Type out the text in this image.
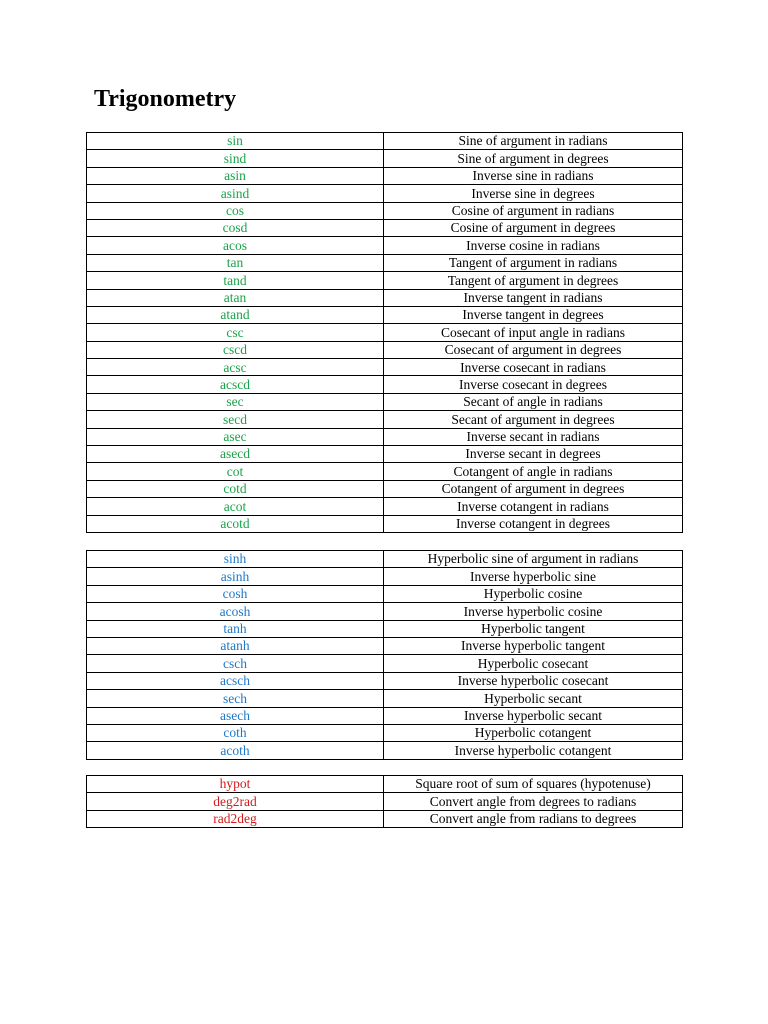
Trigonometry
sin	Sine of argument in radians
sind	Sine of argument in degrees
asin	Inverse sine in radians
asind	Inverse sine in degrees
cos	Cosine of argument in radians
cosd	Cosine of argument in degrees
acos	Inverse cosine in radians
tan	Tangent of argument in radians
tand	Tangent of argument in degrees
atan	Inverse tangent in radians
atand	Inverse tangent in degrees
csc	Cosecant of input angle in radians
cscd	Cosecant of argument in degrees
acsc	Inverse cosecant in radians
acscd	Inverse cosecant in degrees
sec	Secant of angle in radians
secd	Secant of argument in degrees
asec	Inverse secant in radians
asecd	Inverse secant in degrees
cot	Cotangent of angle in radians
cotd	Cotangent of argument in degrees
acot	Inverse cotangent in radians
acotd	Inverse cotangent in degrees
sinh	Hyperbolic sine of argument in radians
asinh	Inverse hyperbolic sine
cosh	Hyperbolic cosine
acosh	Inverse hyperbolic cosine
tanh	Hyperbolic tangent
atanh	Inverse hyperbolic tangent
csch	Hyperbolic cosecant
acsch	Inverse hyperbolic cosecant
sech	Hyperbolic secant
asech	Inverse hyperbolic secant
coth	Hyperbolic cotangent
acoth	Inverse hyperbolic cotangent
hypot	Square root of sum of squares (hypotenuse)
deg2rad	Convert angle from degrees to radians
rad2deg	Convert angle from radians to degrees
